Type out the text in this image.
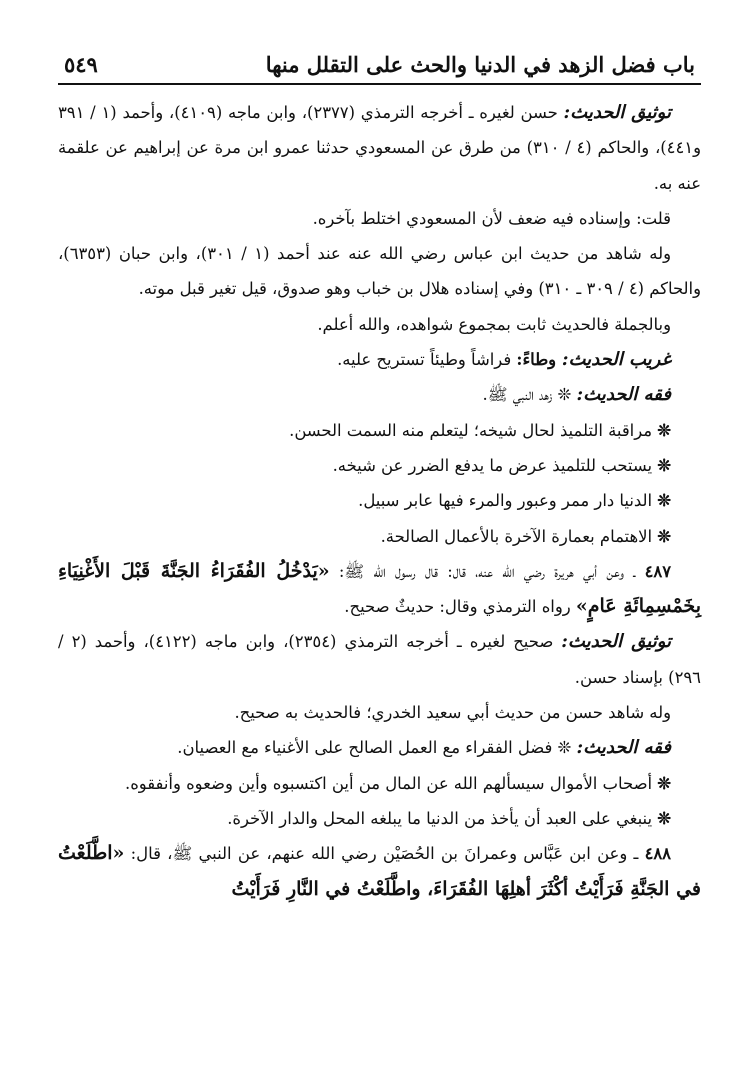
باب فضل الزهد في الدنيا والحث على التقلل منها
٥٤٩

توثيق الحديث: حسن لغيره ـ أخرجه الترمذي (٢٣٧٧)، وابن ماجه (٤١٠٩)، وأحمد (١ / ٣٩١ و٤٤١)، والحاكم (٤ / ٣١٠) من طرق عن المسعودي حدثنا عمرو ابن مرة عن إبراهيم عن علقمة عنه به.

قلت: وإسناده فيه ضعف لأن المسعودي اختلط بآخره.

وله شاهد من حديث ابن عباس رضي الله عنه عند أحمد (١ / ٣٠١)، وابن حبان (٦٣٥٣)، والحاكم (٤ / ٣٠٩ ـ ٣١٠) وفي إسناده هلال بن خباب وهو صدوق، قيل تغير قبل موته.

وبالجملة فالحديث ثابت بمجموع شواهده، والله أعلم.

غريب الحديث: وطاءً: فراشاً وطيئاً تستريح عليه.

فقه الحديث: ❊ زهد النبي ﷺ.

❊ مراقبة التلميذ لحال شيخه؛ ليتعلم منه السمت الحسن.

❊ يستحب للتلميذ عرض ما يدفع الضرر عن شيخه.

❊ الدنيا دار ممر وعبور والمرء فيها عابر سبيل.

❊ الاهتمام بعمارة الآخرة بالأعمال الصالحة.

٤٨٧ ـ وعن أبي هريرة رضي الله عنه، قال: قال رسول الله ﷺ: «يَدْخُلُ الفُقَرَاءُ الجَنَّةَ قَبْلَ الأَغْنِيَاءِ بِخَمْسِمِائَةِ عَامٍ» رواه الترمذي وقال: حديثٌ صحيح.

توثيق الحديث: صحيح لغيره ـ أخرجه الترمذي (٢٣٥٤)، وابن ماجه (٤١٢٢)، وأحمد (٢ / ٢٩٦) بإسناد حسن.

وله شاهد حسن من حديث أبي سعيد الخدري؛ فالحديث به صحيح.

فقه الحديث: ❊ فضل الفقراء مع العمل الصالح على الأغنياء مع العصيان.

❊ أصحاب الأموال سيسألهم الله عن المال من أين اكتسبوه وأين وضعوه وأنفقوه.

❊ ينبغي على العبد أن يأخذ من الدنيا ما يبلغه المحل والدار الآخرة.

٤٨٨ ـ وعن ابن عَبَّاس وعمرانَ بن الحُصَيْن رضي الله عنهم، عن النبي ﷺ، قال: «اطَّلَعْتُ في الجَنَّةِ فَرَأَيْتُ أكْثَرَ أهلِهَا الفُقَرَاءَ، واطَّلَعْتُ في النَّارِ فَرَأَيْتُ
